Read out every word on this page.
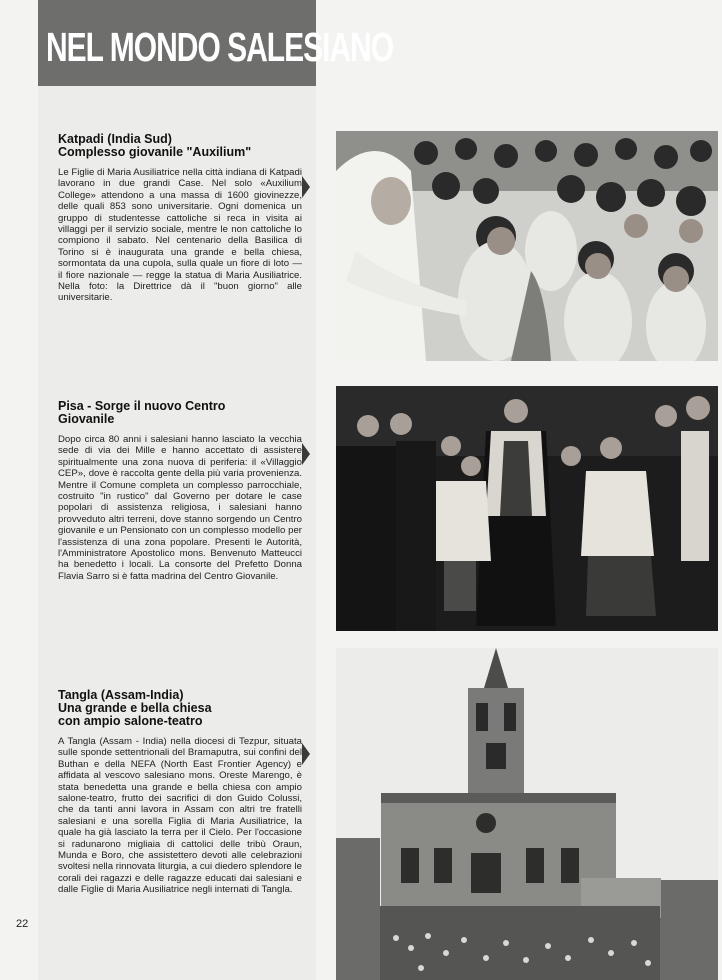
NEL MONDO SALESIANO
Katpadi (India Sud)
Complesso giovanile "Auxilium"

Le Figlie di Maria Ausiliatrice nella città indiana di Katpadi lavorano in due grandi Case. Nel solo «Auxilium College» attendono a una massa di 1600 giovinezze, delle quali 853 sono universitarie. Ogni domenica un gruppo di studentesse cattoliche si reca in visita ai villaggi per il servizio sociale, mentre le non cattoliche lo compiono il sabato. Nel centenario della Basilica di Torino si è inaugurata una grande e bella chiesa, sormontata da una cupola, sulla quale un fiore di loto — il fiore nazionale — regge la statua di Maria Ausiliatrice. Nella foto: la Direttrice dà il "buon giorno" alle universitarie.

Pisa - Sorge il nuovo Centro
Giovanile

Dopo circa 80 anni i salesiani hanno lasciato la vecchia sede di via dei Mille e hanno accettato di assistere spiritualmente una zona nuova di periferia: il «Villaggio CEP», dove è raccolta gente della più varia provenienza. Mentre il Comune completa un complesso parrocchiale, costruito "in rustico" dal Governo per dotare le case popolari di assistenza religiosa, i salesiani hanno provveduto altri terreni, dove stanno sorgendo un Centro giovanile e un Pensionato con un complesso modello per l'assistenza di una zona popolare. Presenti le Autorità, l'Amministratore Apostolico mons. Benvenuto Matteucci ha benedetto i locali. La consorte del Prefetto Donna Flavia Sarro si è fatta madrina del Centro Giovanile.

Tangla (Assam-India)
Una grande e bella chiesa
con ampio salone-teatro

A Tangla (Assam - India) nella diocesi di Tezpur, situata sulle sponde settentrionali del Bramaputra, sui confini del Buthan e della NEFA (North East Frontier Agency) e affidata al vescovo salesiano mons. Oreste Marengo, è stata benedetta una grande e bella chiesa con ampio salone-teatro, frutto dei sacrifici di don Guido Colussi, che da tanti anni lavora in Assam con altri tre fratelli salesiani e una sorella Figlia di Maria Ausiliatrice, la quale ha già lasciato la terra per il Cielo. Per l'occasione si radunarono migliaia di cattolici delle tribù Oraun, Munda e Boro, che assistettero devoti alle celebrazioni svoltesi nella rinnovata liturgia, a cui diedero splendore le corali dei ragazzi e delle ragazze educati dai salesiani e dalle Figlie di Maria Ausiliatrice negli internati di Tangla.

22
